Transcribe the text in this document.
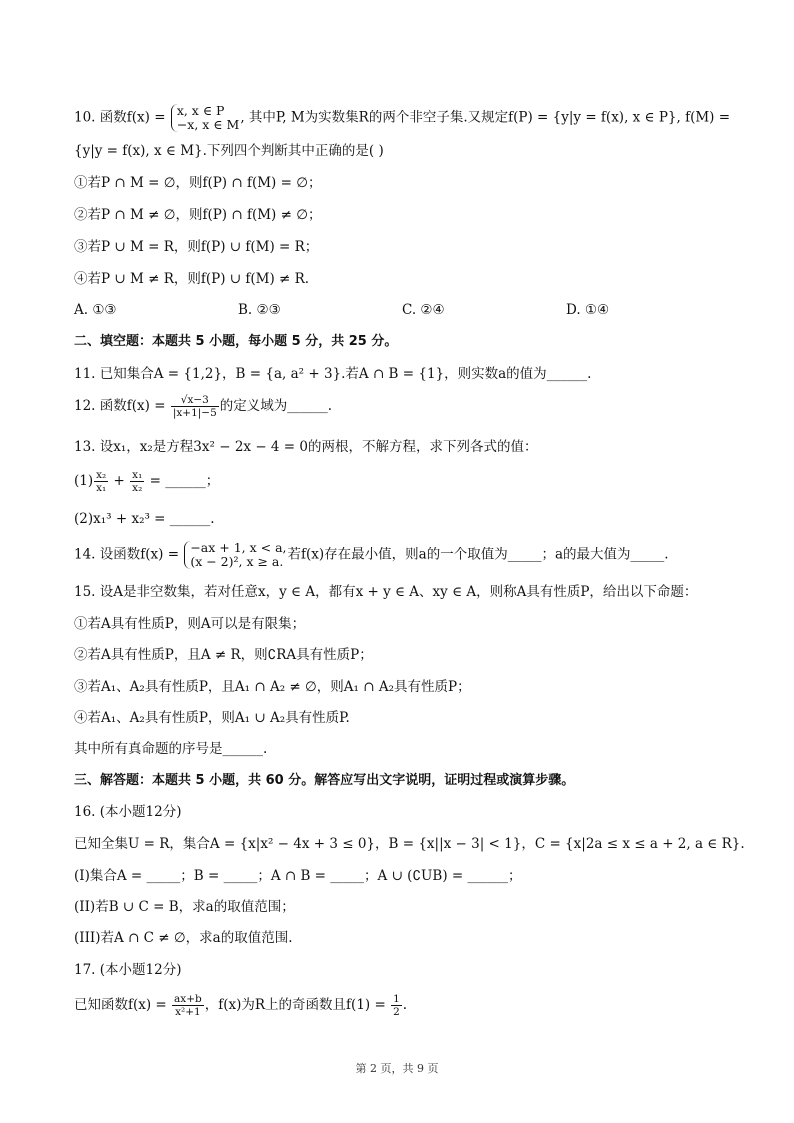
10. 函数f(x) = x, x ∈ P
−x, x ∈ M , 其中P, M为实数集R的两个非空子集.又规定f(P) = {y|y = f(x), x ∈ P}, f(M) =
{y|y = f(x), x ∈ M}.下列四个判断其中正确的是( )
①若P ∩ M = ∅，则f(P) ∩ f(M) = ∅；
②若P ∩ M ≠ ∅，则f(P) ∩ f(M) ≠ ∅；
③若P ∪ M = R，则f(P) ∪ f(M) = R；
④若P ∪ M ≠ R，则f(P) ∪ f(M) ≠ R.
A. ①③	B. ②③	C. ②④	D. ①④
二、填空题：本题共 5 小题，每小题 5 分，共 25 分。
11. 已知集合A = {1,2}，B = {a, a² + 3}.若A ∩ B = {1}，则实数a的值为______.
12. 函数$f(x) = \frac{√x-3}{|x+1|-5}$ 的定义域为______.
13. 设x₁，x₂是方程3x² − 2x − 4 = 0的两根，不解方程，求下列各式的值：
$(1) \frac{\text{x₂}}{\text{x₁}} + \frac{\text{x₁}}{\text{x₂}}$ = ______；
(2)x₁³ + x₂³ = ______.
14. 设函数f(x) = −ax + 1, x < a,
(x − 2)², x ≥ a. 若f(x)存在最小值，则a的一个取值为_____；a的最大值为_____.
15. 设A是非空数集，若对任意x，y ∈ A，都有x + y ∈ A、xy ∈ A，则称A具有性质P，给出以下命题：
①若A具有性质P，则A可以是有限集；
②若A具有性质P，且A ≠ R，则∁RA具有性质P；
③若A₁、A₂具有性质P，且A₁ ∩ A₂ ≠ ∅，则A₁ ∩ A₂具有性质P；
④若A₁、A₂具有性质P，则A₁ ∪ A₂具有性质P.
其中所有真命题的序号是______.
三、解答题：本题共 5 小题，共 60 分。解答应写出文字说明，证明过程或演算步骤。
16. (本小题12分)
已知全集U = R，集合A = {x|x² − 4x + 3 ≤ 0}，B = {x||x − 3| < 1}，C = {x|2a ≤ x ≤ a + 2, a ∈ R}.
(I)集合A = _____；B = _____；A ∩ B = _____；A ∪ (∁UB) = ______；
(II)若B ∪ C = B，求a的取值范围；
(III)若A ∩ C ≠ ∅，求a的取值范围.
17. (本小题12分)
已知函数$f(x) = \frac{ax+b}{\text{x²+1}}$ ，f(x)为R上的奇函数且$f(1) = \frac{1}{2}$ .
第 2 页，共 9 页
